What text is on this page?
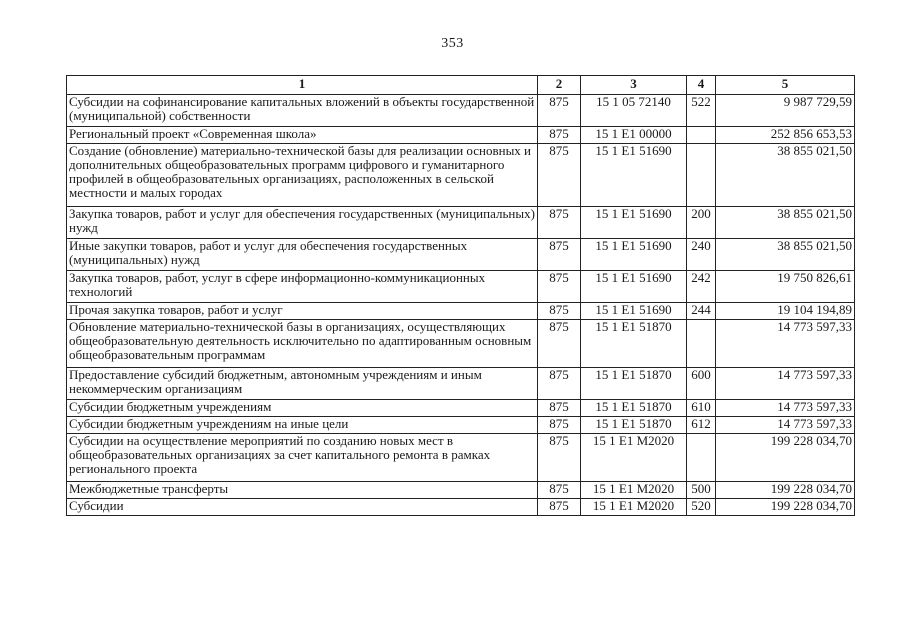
353
1	2	3	4	5
Субсидии на софинансирование капитальных вложений в объекты государственной (муниципальной) собственности	875	15 1 05 72140	522	9 987 729,59
Региональный проект «Современная школа»	875	15 1 E1 00000		252 856 653,53
Создание (обновление) материально-технической базы для реализации основных и дополнительных общеобразовательных программ цифрового и гуманитарного профилей в общеобразовательных организациях, расположенных в сельской местности и малых городах	875	15 1 E1 51690		38 855 021,50
Закупка товаров, работ и услуг для обеспечения государственных (муниципальных) нужд	875	15 1 E1 51690	200	38 855 021,50
Иные закупки товаров, работ и услуг для обеспечения государственных (муниципальных) нужд	875	15 1 E1 51690	240	38 855 021,50
Закупка товаров, работ, услуг в сфере информационно-коммуникационных технологий	875	15 1 E1 51690	242	19 750 826,61
Прочая закупка товаров, работ и услуг	875	15 1 E1 51690	244	19 104 194,89
Обновление материально-технической базы в организациях, осуществляющих общеобразовательную деятельность исключительно по адаптированным основным общеобразовательным программам	875	15 1 E1 51870		14 773 597,33
Предоставление субсидий бюджетным, автономным учреждениям и иным некоммерческим организациям	875	15 1 E1 51870	600	14 773 597,33
Субсидии бюджетным учреждениям	875	15 1 E1 51870	610	14 773 597,33
Субсидии бюджетным учреждениям на иные цели	875	15 1 E1 51870	612	14 773 597,33
Субсидии на осуществление мероприятий по созданию новых мест в общеобразовательных организациях за счет капитального ремонта в рамках регионального проекта	875	15 1 E1 M2020		199 228 034,70
Межбюджетные трансферты	875	15 1 E1 M2020	500	199 228 034,70
Субсидии	875	15 1 E1 M2020	520	199 228 034,70
